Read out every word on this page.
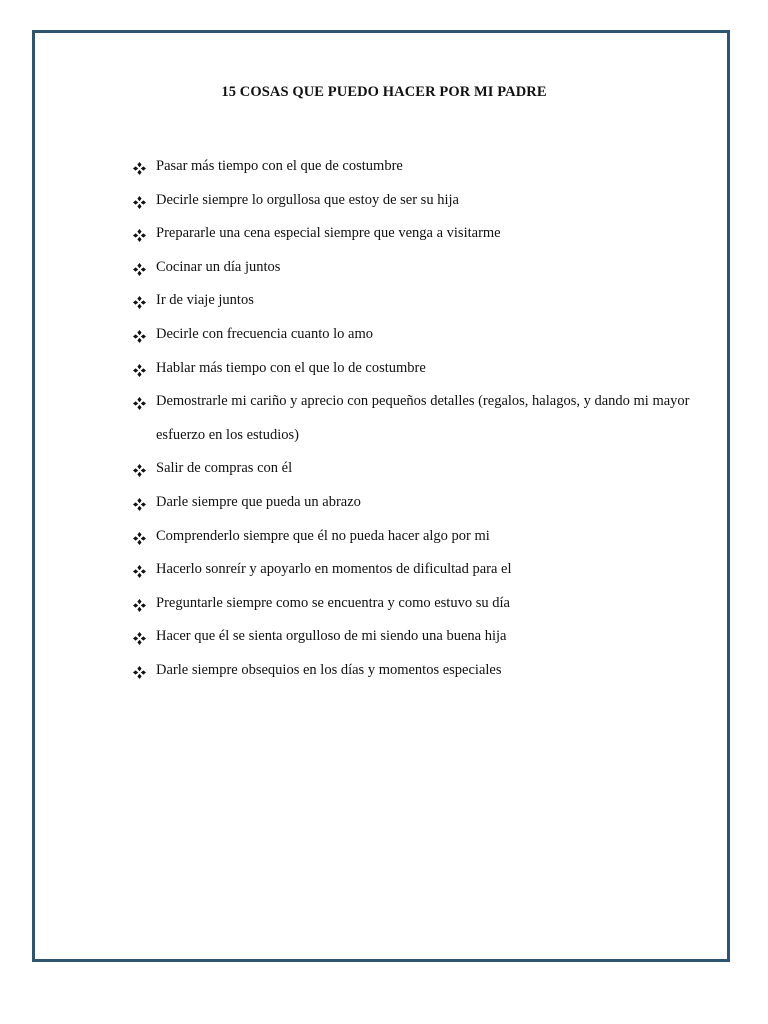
15 COSAS QUE PUEDO HACER POR MI PADRE
Pasar más tiempo con el que de costumbre
Decirle siempre lo orgullosa que estoy de ser su hija
Prepararle una cena especial siempre que venga a visitarme
Cocinar un día juntos
Ir de viaje juntos
Decirle con frecuencia cuanto lo amo
Hablar más tiempo con el que lo de costumbre
Demostrarle mi cariño y aprecio con pequeños detalles (regalos, halagos, y dando mi mayor esfuerzo en los estudios)
Salir de compras con él
Darle siempre que pueda un abrazo
Comprenderlo siempre que él no pueda hacer algo por mi
Hacerlo sonreír y apoyarlo en momentos de dificultad para el
Preguntarle siempre como se encuentra y como estuvo su día
Hacer que él se sienta orgulloso de mi siendo una buena hija
Darle siempre obsequios en los días y momentos especiales
